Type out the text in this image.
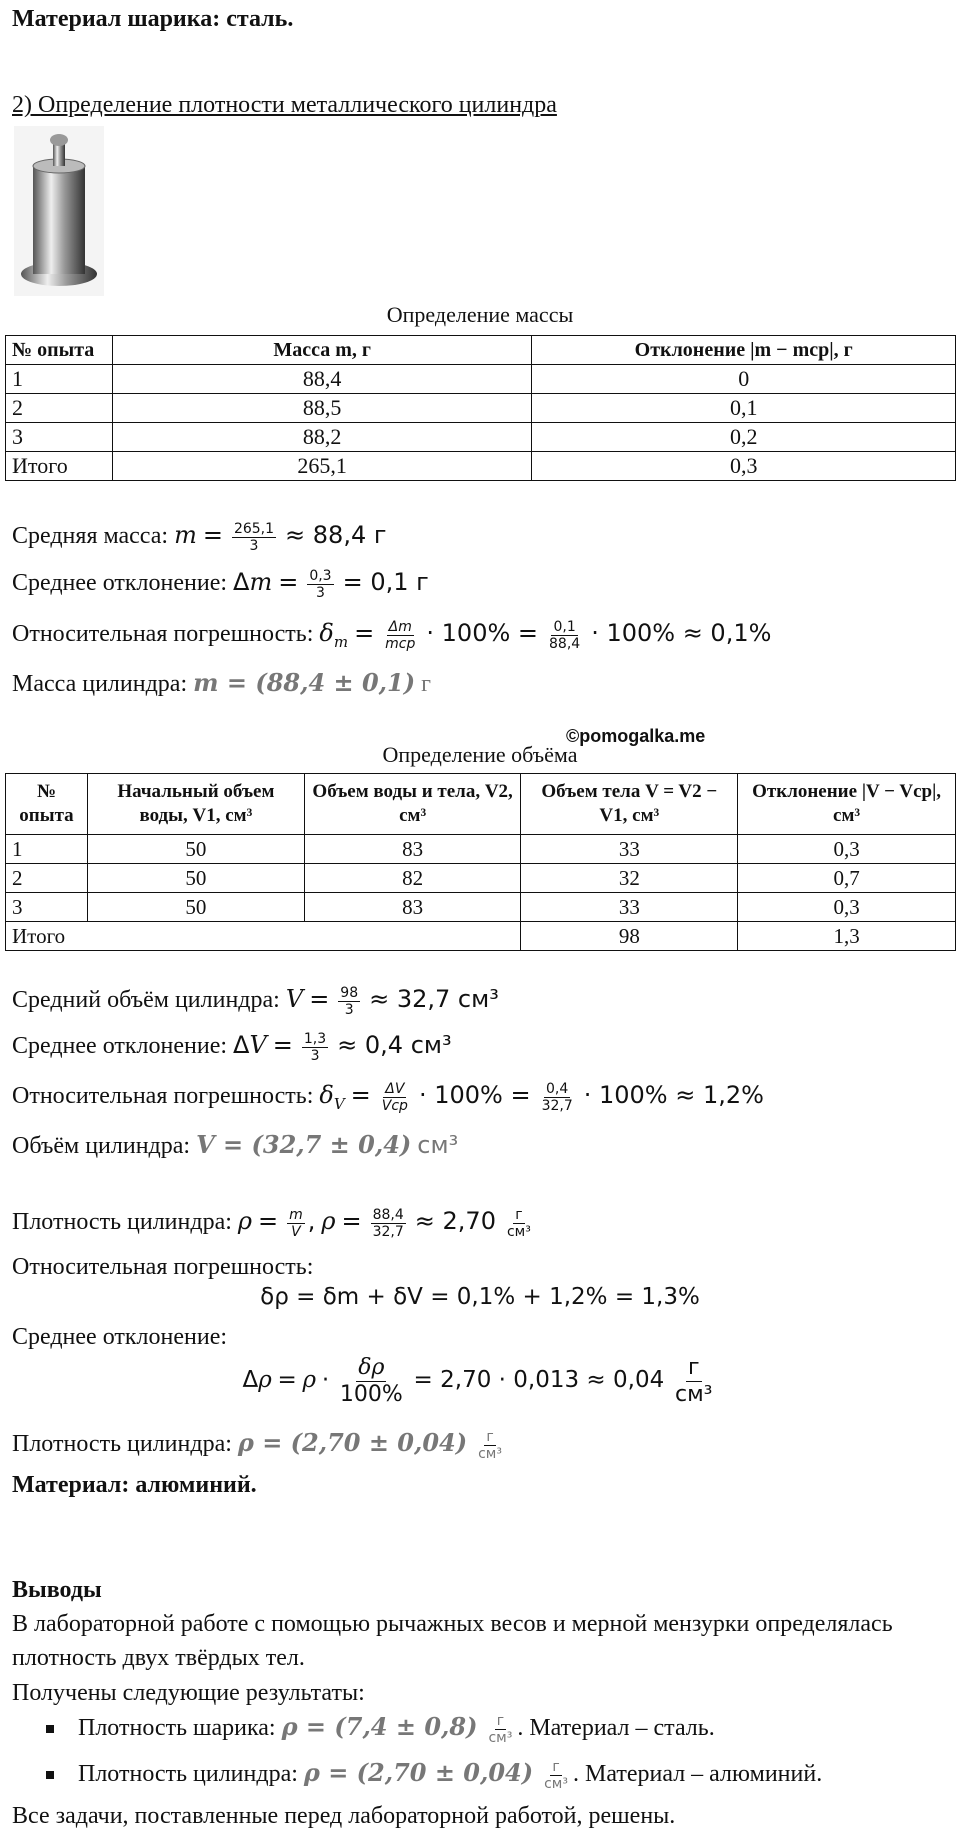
Материал шарика: сталь.
2) Определение плотности металлического цилиндра
Определение массы
№ опыта	Масса m, г	Отклонение |m − mср|, г
1	88,4	0
2	88,5	0,1
3	88,2	0,2
Итого	265,1	0,3
Средняя масса: $m = \frac{265,1}{3} \approx 88,4$ г
Среднее отклонение: $\Delta m = \frac{0,3}{3} = 0,1$ г
Относительная погрешность: $\delta_m = \frac{\Delta m}{\text{mcp}} \cdot 100\% = \frac{0,1}{88,4} \cdot 100\% \approx 0,1\%$
Масса цилиндра: m = (88,4 ± 0,1) г
©pomogalka.me
Определение объёма
№ опыта	Начальный объем воды, V1, см³	Объем воды и тела, V2, см³	Объем тела V = V2 − V1, см³	Отклонение |V − Vср|, см³
1	50	83	33	0,3
2	50	82	32	0,7
3	50	83	33	0,3
Итого			98	1,3
Средний объём цилиндра: $V = \frac{98}{3} \approx 32,7$ см³
Среднее отклонение: $\Delta V = \frac{1,3}{3} \approx 0,4$ см³
Относительная погрешность: $\delta_V = \frac{\Delta V}{\text{Vcp}} \cdot 100\% = \frac{0,4}{32,7} \cdot 100\% \approx 1,2\%$
Объём цилиндра: V = (32,7 ± 0,4) см³
Плотность цилиндра: $\rho = \frac{m}{V}$ , $\rho = \frac{88,4}{32,7} \approx 2,70 \frac{г}{\text{см³}}$
Относительная погрешность:
δρ = δm + δV = 0,1% + 1,2% = 1,3%
Среднее отклонение:
$\Delta\rho = \rho \cdot \frac{\delta\rho}{100\%} = 2,70 \cdot 0,013 \approx 0,04 \frac{г}{\text{см³}}$
Плотность цилиндра: $\rho = (2,70 \pm 0,04) \frac{г}{\text{см³}}$
Материал: алюминий.
Выводы
В лабораторной работе с помощью рычажных весов и мерной мензурки определялась
плотность двух твёрдых тел.
Получены следующие результаты:
Плотность шарика: $\rho = (7,4 \pm 0,8) \frac{г}{\text{см³}}$ . Материал – сталь.
Плотность цилиндра: $\rho = (2,70 \pm 0,04) \frac{г}{\text{см³}}$ . Материал – алюминий.
Все задачи, поставленные перед лабораторной работой, решены.
